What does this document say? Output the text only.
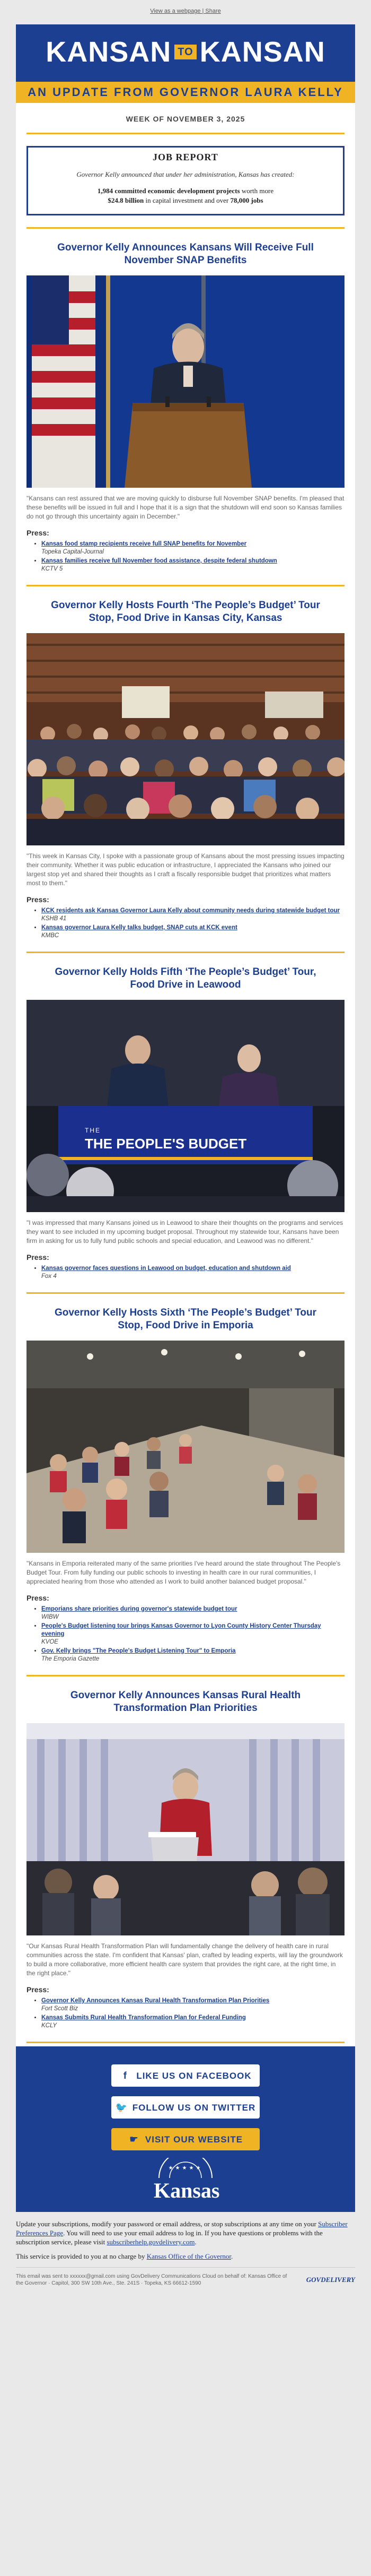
View as a webpage | Share
KANSAN TO KANSAN
AN UPDATE FROM GOVERNOR LAURA KELLY
WEEK OF NOVEMBER 3, 2025
JOB REPORT
Governor Kelly announced that under her administration, Kansas has created:
1,984 committed economic development projects worth more
$24.8 billion in capital investment and over 78,000 jobs
Governor Kelly Announces Kansans Will Receive Full November SNAP Benefits
"Kansans can rest assured that we are moving quickly to disburse full November SNAP benefits. I'm pleased that these benefits will be issued in full and I hope that it is a sign that the shutdown will end soon so Kansas families do not go through this uncertainty again in December."
Press:
• Kansas food stamp recipients receive full SNAP benefits for November
Topeka Capital-Journal
• Kansas families receive full November food assistance, despite federal shutdown
KCTV 5
Governor Kelly Hosts Fourth ‘The People’s Budget’ Tour Stop, Food Drive in Kansas City, Kansas
"This week in Kansas City, I spoke with a passionate group of Kansans about the most pressing issues impacting their community. Whether it was public education or infrastructure, I appreciated the Kansans who joined our largest stop yet and shared their thoughts as I craft a fiscally responsible budget that prioritizes what matters most to them."
Press:
• KCK residents ask Kansas Governor Laura Kelly about community needs during statewide budget tour
KSHB 41
• Kansas governor Laura Kelly talks budget, SNAP cuts at KCK event
KMBC
Governor Kelly Holds Fifth ‘The People’s Budget’ Tour, Food Drive in Leawood
THE
THE PEOPLE'S BUDGET
"I was impressed that many Kansans joined us in Leawood to share their thoughts on the programs and services they want to see included in my upcoming budget proposal. Throughout my statewide tour, Kansans have been firm in asking for us to fully fund public schools and special education, and Leawood was no different."
Press:
• Kansas governor faces questions in Leawood on budget, education and shutdown aid
Fox 4
Governor Kelly Hosts Sixth ‘The People’s Budget’ Tour Stop, Food Drive in Emporia
"Kansans in Emporia reiterated many of the same priorities I've heard around the state throughout The People's Budget Tour. From fully funding our public schools to investing in health care in our rural communities, I appreciated hearing from those who attended as I work to build another balanced budget proposal."
Press:
• Emporians share priorities during governor's statewide budget tour
WIBW
• People's Budget listening tour brings Kansas Governor to Lyon County History Center Thursday evening
KVOE
• Gov. Kelly brings "The People's Budget Listening Tour" to Emporia
The Emporia Gazette
Governor Kelly Announces Kansas Rural Health Transformation Plan Priorities
"Our Kansas Rural Health Transformation Plan will fundamentally change the delivery of health care in rural communities across the state. I'm confident that Kansas' plan, crafted by leading experts, will lay the groundwork to build a more collaborative, more efficient health care system that provides the right care, at the right time, in the right place."
Press:
• Governor Kelly Announces Kansas Rural Health Transformation Plan Priorities
Fort Scott Biz
• Kansas Submits Rural Health Transformation Plan for Federal Funding
KCLY
f LIKE US ON FACEBOOK
🐦 FOLLOW US ON TWITTER
☛ VISIT OUR WEBSITE
★★★★★
Kansas

Update your subscriptions, modify your password or email address, or stop subscriptions at any time on your Subscriber Preferences Page. You will need to use your email address to log in. If you have questions or problems with the subscription service, please visit subscriberhelp.govdelivery.com.

This service is provided to you at no charge by Kansas Office of the Governor.

This email was sent to xxxxxx@gmail.com using GovDelivery Communications Cloud on behalf of: Kansas Office of the Governor · Capitol, 300 SW 10th Ave., Ste. 241S · Topeka, KS 66612-1590	GOVDELIVERY
